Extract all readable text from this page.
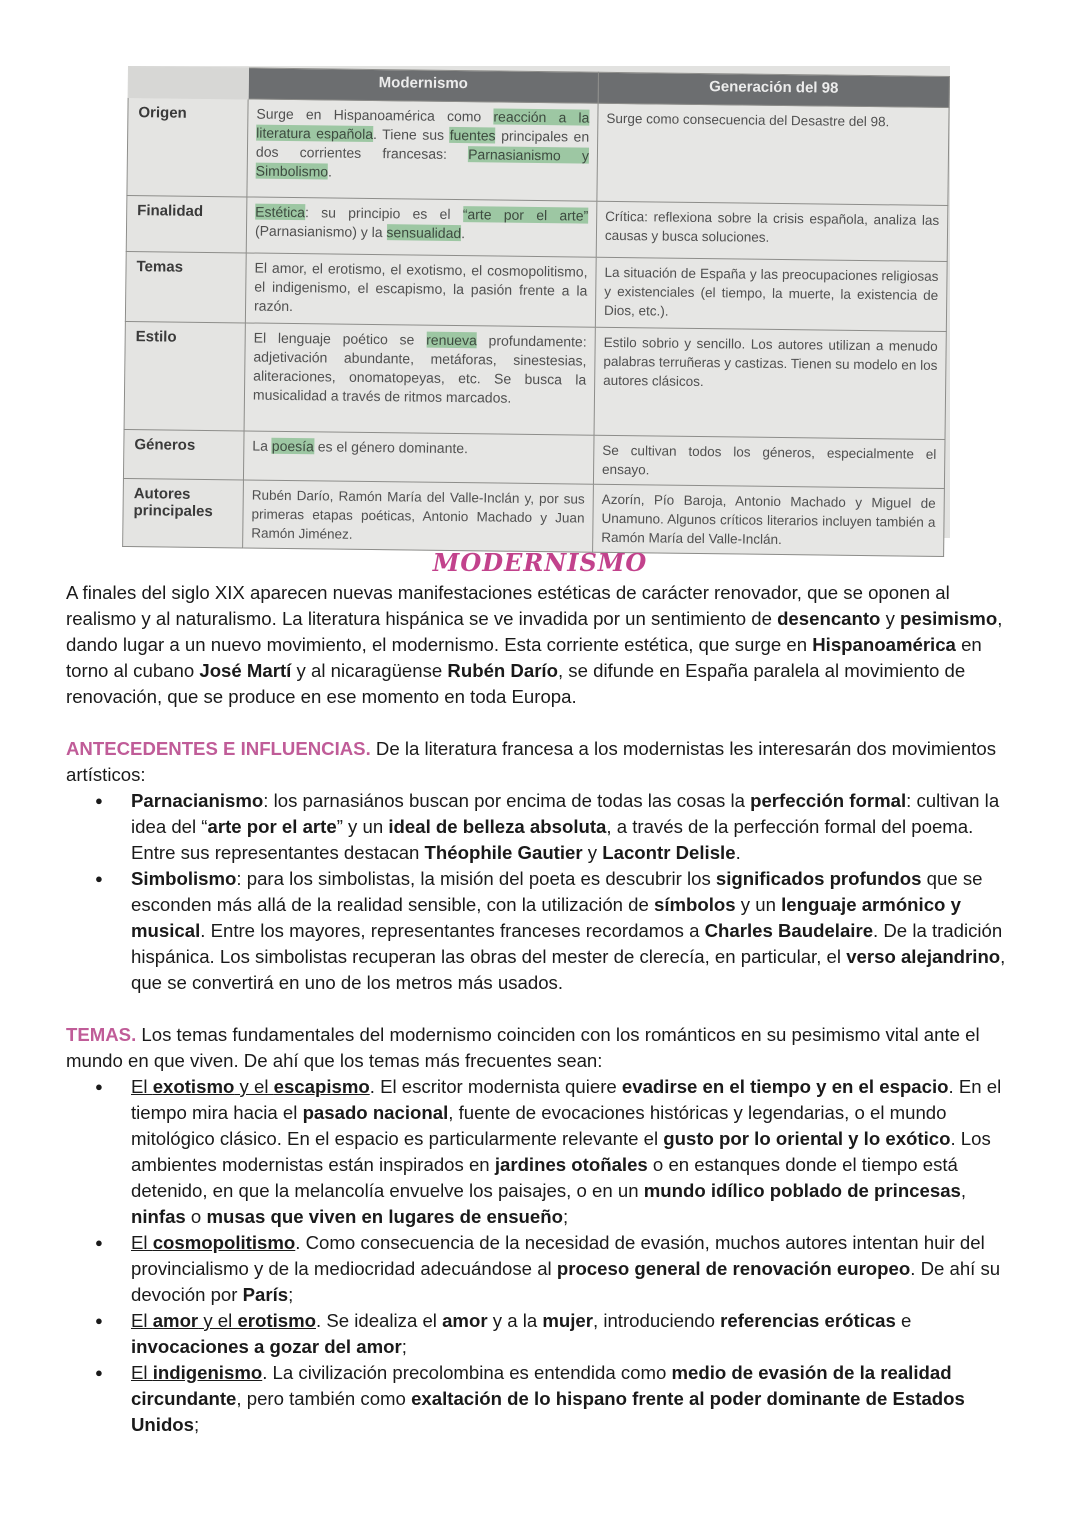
	Modernismo	Generación del 98
Origen	Surge en Hispanoamérica como reacción a la literatura española. Tiene sus fuentes principales en dos corrientes francesas: Parnasianismo y Simbolismo.	Surge como consecuencia del Desastre del 98.
Finalidad	Estética: su principio es el “arte por el arte” (Parnasianismo) y la sensualidad.	Crítica: reflexiona sobre la crisis española, analiza las causas y busca soluciones.
Temas	El amor, el erotismo, el exotismo, el cosmopolitismo, el indigenismo, el escapismo, la pasión frente a la razón.	La situación de España y las preocupaciones religiosas y existenciales (el tiempo, la muerte, la existencia de Dios, etc.).
Estilo	El lenguaje poético se renueva profundamente: adjetivación abundante, metáforas, sinestesias, aliteraciones, onomatopeyas, etc. Se busca la musicalidad a través de ritmos marcados.	Estilo sobrio y sencillo. Los autores utilizan a menudo palabras terruñeras y castizas. Tienen su modelo en los autores clásicos.
Géneros	La poesía es el género dominante.	Se cultivan todos los géneros, especialmente el ensayo.
Autores principales	Rubén Darío, Ramón María del Valle-Inclán y, por sus primeras etapas poéticas, Antonio Machado y Juan Ramón Jiménez.	Azorín, Pío Baroja, Antonio Machado y Miguel de Unamuno. Algunos críticos literarios incluyen también a Ramón María del Valle-Inclán.
MODERNISMO

A finales del siglo XIX aparecen nuevas manifestaciones estéticas de carácter renovador, que se oponen al realismo y al naturalismo. La literatura hispánica se ve invadida por un sentimiento de desencanto y pesimismo, dando lugar a un nuevo movimiento, el modernismo. Esta corriente estética, que surge en Hispanoamérica en torno al cubano José Martí y al nicaragüense Rubén Darío, se difunde en España paralela al movimiento de renovación, que se produce en ese momento en toda Europa.

ANTECEDENTES E INFLUENCIAS. De la literatura francesa a los modernistas les interesarán dos movimientos artísticos:

● Parnacianismo: los parnasiános buscan por encima de todas las cosas la perfección formal: cultivan la idea del “arte por el arte” y un ideal de belleza absoluta, a través de la perfección formal del poema. Entre sus representantes destacan Théophile Gautier y Lacontr Delisle.
● Simbolismo: para los simbolistas, la misión del poeta es descubrir los significados profundos que se esconden más allá de la realidad sensible, con la utilización de símbolos y un lenguaje armónico y musical. Entre los mayores, representantes franceses recordamos a Charles Baudelaire. De la tradición hispánica. Los simbolistas recuperan las obras del mester de clerecía, en particular, el verso alejandrino, que se convertirá en uno de los metros más usados.

TEMAS. Los temas fundamentales del modernismo coinciden con los románticos en su pesimismo vital ante el mundo en que viven. De ahí que los temas más frecuentes sean:

● El exotismo y el escapismo. El escritor modernista quiere evadirse en el tiempo y en el espacio. En el tiempo mira hacia el pasado nacional, fuente de evocaciones históricas y legendarias, o el mundo mitológico clásico. En el espacio es particularmente relevante el gusto por lo oriental y lo exótico. Los ambientes modernistas están inspirados en jardines otoñales o en estanques donde el tiempo está detenido, en que la melancolía envuelve los paisajes, o en un mundo idílico poblado de princesas, ninfas o musas que viven en lugares de ensueño;
● El cosmopolitismo. Como consecuencia de la necesidad de evasión, muchos autores intentan huir del provincialismo y de la mediocridad adecuándose al proceso general de renovación europeo. De ahí su devoción por París;
● El amor y el erotismo. Se idealiza el amor y a la mujer, introduciendo referencias eróticas e invocaciones a gozar del amor;
● El indigenismo. La civilización precolombina es entendida como medio de evasión de la realidad circundante, pero también como exaltación de lo hispano frente al poder dominante de Estados Unidos;
